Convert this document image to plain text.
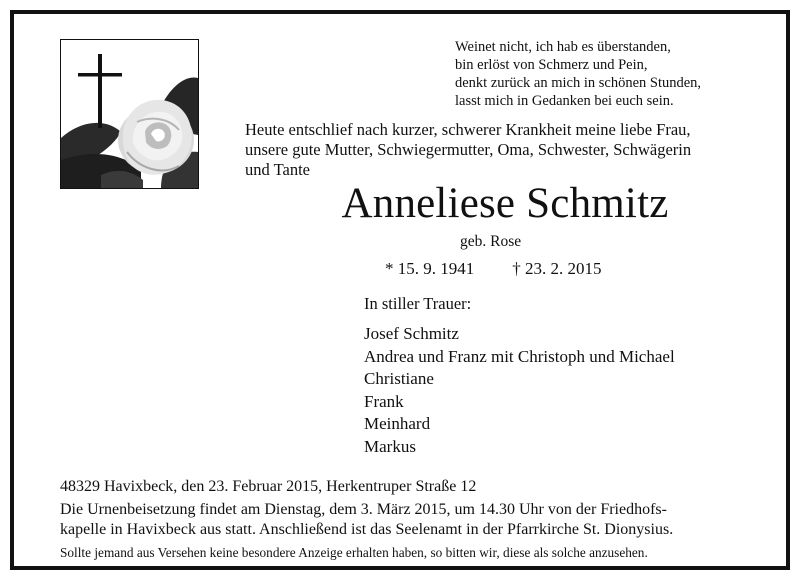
Weinet nicht, ich hab es überstanden,
bin erlöst von Schmerz und Pein,
denkt zurück an mich in schönen Stunden,
lasst mich in Gedanken bei euch sein.
Heute entschlief nach kurzer, schwerer Krankheit meine liebe Frau,
unsere gute Mutter, Schwiegermutter, Oma, Schwester, Schwägerin
und Tante
Anneliese Schmitz
geb. Rose
* 15. 9. 1941 † 23. 2. 2015
In stiller Trauer:
Josef Schmitz
Andrea und Franz mit Christoph und Michael
Christiane
Frank
Meinhard
Markus
48329 Havixbeck, den 23. Februar 2015, Herkentruper Straße 12
Die Urnenbeisetzung findet am Dienstag, dem 3. März 2015, um 14.30 Uhr von der Friedhofs-
kapelle in Havixbeck aus statt. Anschließend ist das Seelenamt in der Pfarrkirche St. Dionysius.
Sollte jemand aus Versehen keine besondere Anzeige erhalten haben, so bitten wir, diese als solche anzusehen.
